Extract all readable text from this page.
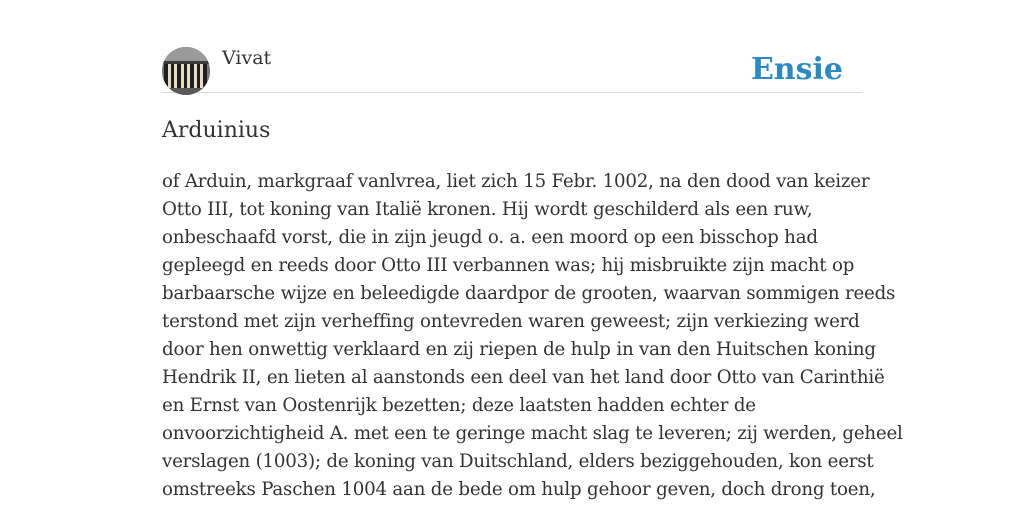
Vivat	Ensie
Arduinius

of Arduin, markgraaf vanlvrea, liet zich 15 Febr. 1002, na den dood van keizer
Otto III, tot koning van Italië kronen. Hij wordt geschilderd als een ruw,
onbeschaafd vorst, die in zijn jeugd o. a. een moord op een bisschop had
gepleegd en reeds door Otto III verbannen was; hij misbruikte zijn macht op
barbaarsche wijze en beleedigde daardpor de grooten, waarvan sommigen reeds
terstond met zijn verheffing ontevreden waren geweest; zijn verkiezing werd
door hen onwettig verklaard en zij riepen de hulp in van den Huitschen koning
Hendrik II, en lieten al aanstonds een deel van het land door Otto van Carinthië
en Ernst van Oostenrijk bezetten; deze laatsten hadden echter de
onvoorzichtigheid A. met een te geringe macht slag te leveren; zij werden, geheel
verslagen (1003); de koning van Duitschland, elders beziggehouden, kon eerst
omstreeks Paschen 1004 aan de bede om hulp gehoor geven, doch drong toen,
